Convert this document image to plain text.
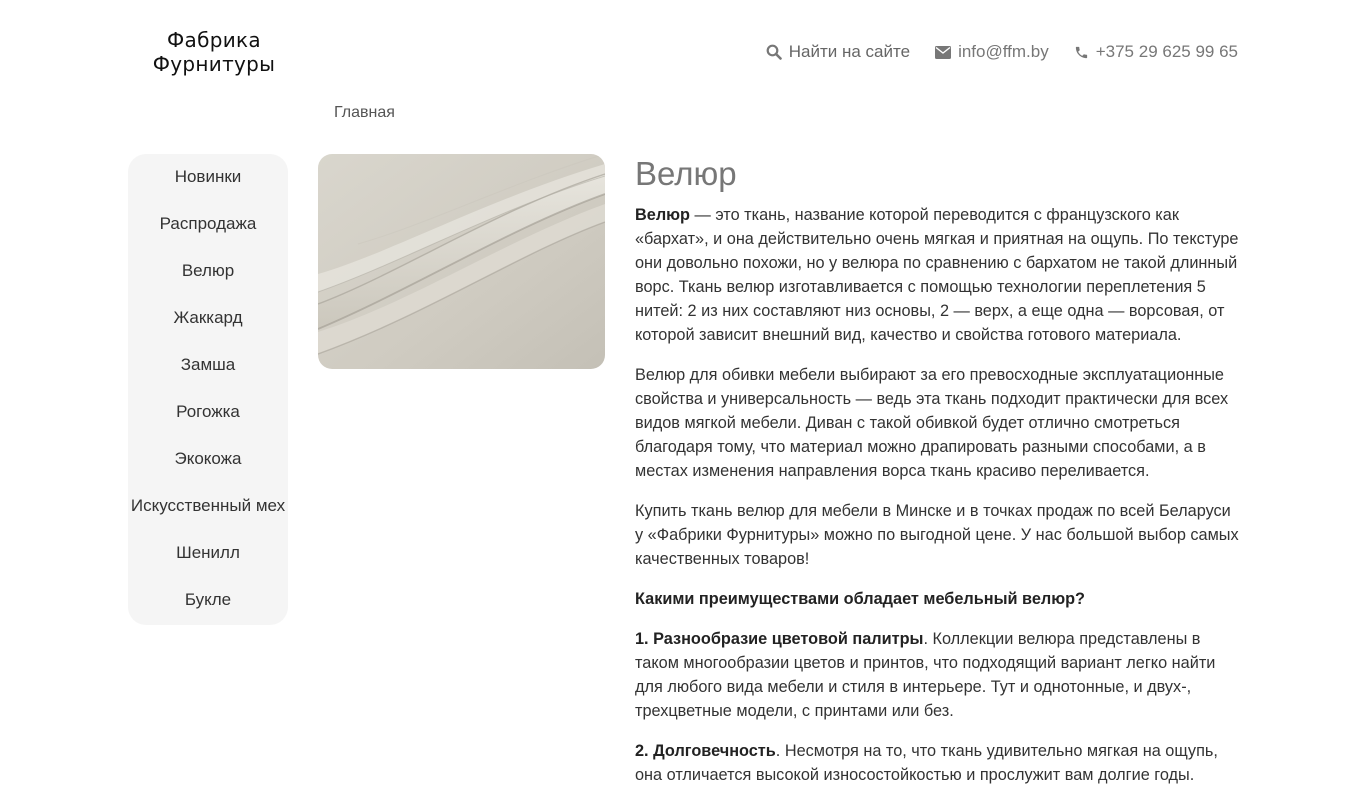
Фабрика
Фурнитуры
Найти на сайте	info@ffm.by	+375 29 625 99 65
Главная
Новинки
Распродажа
Велюр
Жаккард
Замша
Рогожка
Экокожа
Искусственный мех
Шенилл
Букле
Велюр

Велюр — это ткань, название которой переводится с французского как «бархат», и она действительно очень мягкая и приятная на ощупь. По текстуре они довольно похожи, но у велюра по сравнению с бархатом не такой длинный ворс. Ткань велюр изготавливается с помощью технологии переплетения 5 нитей: 2 из них составляют низ основы, 2 — верх, а еще одна — ворсовая, от которой зависит внешний вид, качество и свойства готового материала.

Велюр для обивки мебели выбирают за его превосходные эксплуатационные свойства и универсальность — ведь эта ткань подходит практически для всех видов мягкой мебели. Диван с такой обивкой будет отлично смотреться благодаря тому, что материал можно драпировать разными способами, а в местах изменения направления ворса ткань красиво переливается.

Купить ткань велюр для мебели в Минске и в точках продаж по всей Беларуси у «Фабрики Фурнитуры» можно по выгодной цене. У нас большой выбор самых качественных товаров!

Какими преимуществами обладает мебельный велюр?

1. Разнообразие цветовой палитры. Коллекции велюра представлены в таком многообразии цветов и принтов, что подходящий вариант легко найти для любого вида мебели и стиля в интерьере. Тут и однотонные, и двух-, трехцветные модели, с принтами или без.

2. Долговечность. Несмотря на то, что ткань удивительно мягкая на ощупь, она отличается высокой износостойкостью и прослужит вам долгие годы.
